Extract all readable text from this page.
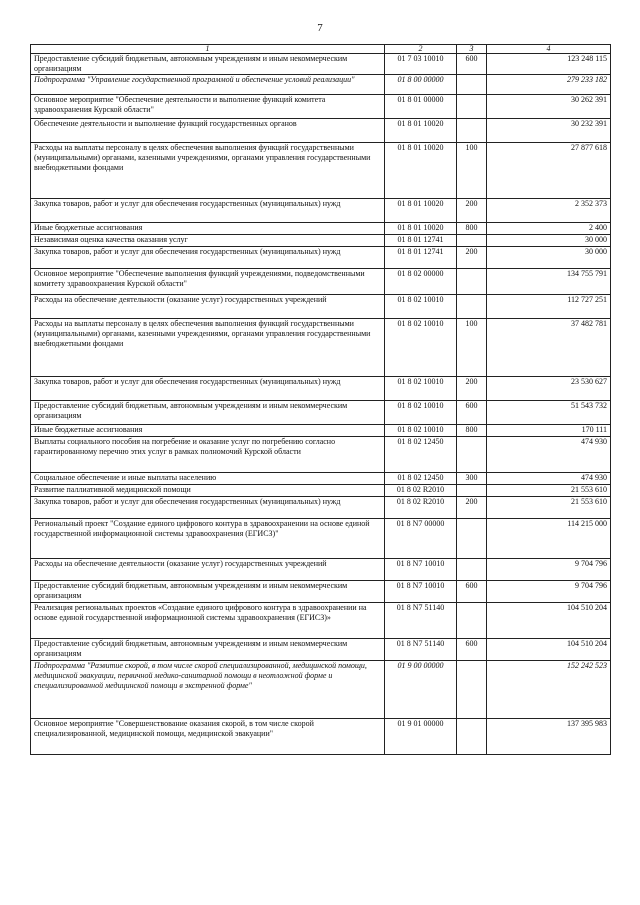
7
1	2	3	4
Предоставление субсидий бюджетным, автономным учреждениям и иным некоммерческим организациям	01 7 03 10010	600	123 248 115
Подпрограмма "Управление государственной программой и обеспечение условий реализации"	01 8 00 00000		279 233 182
Основное мероприятие "Обеспечение деятельности и выполнение функций комитета здравоохранения Курской области"	01 8 01 00000		30 262 391
Обеспечение деятельности и выполнение функций государственных органов	01 8 01 10020		30 232 391
Расходы на выплаты персоналу в целях обеспечения выполнения функций государственными (муниципальными) органами, казенными учреждениями, органами управления государственными внебюджетными фондами	01 8 01 10020	100	27 877 618
Закупка товаров, работ и услуг для обеспечения государственных (муниципальных) нужд	01 8 01 10020	200	2 352 373
Иные бюджетные ассигнования	01 8 01 10020	800	2 400
Независимая оценка качества оказания услуг	01 8 01 12741		30 000
Закупка товаров, работ и услуг для обеспечения государственных (муниципальных) нужд	01 8 01 12741	200	30 000
Основное мероприятие "Обеспечение выполнения функций учреждениями, подведомственными комитету здравоохранения Курской области"	01 8 02 00000		134 755 791
Расходы на обеспечение деятельности (оказание услуг) государственных учреждений	01 8 02 10010		112 727 251
Расходы на выплаты персоналу в целях обеспечения выполнения функций государственными (муниципальными) органами, казенными учреждениями, органами управления государственными внебюджетными фондами	01 8 02 10010	100	37 482 781
Закупка товаров, работ и услуг для обеспечения государственных (муниципальных) нужд	01 8 02 10010	200	23 530 627
Предоставление субсидий бюджетным, автономным учреждениям и иным некоммерческим организациям	01 8 02 10010	600	51 543 732
Иные бюджетные ассигнования	01 8 02 10010	800	170 111
Выплаты социального пособия на погребение и оказание услуг по погребению согласно гарантированному перечню этих услуг в рамках полномочий Курской области	01 8 02 12450		474 930
Социальное обеспечение и иные выплаты населению	01 8 02 12450	300	474 930
Развитие паллиативной медицинской помощи	01 8 02 R2010		21 553 610
Закупка товаров, работ и услуг для обеспечения государственных (муниципальных) нужд	01 8 02 R2010	200	21 553 610
Региональный проект "Создание единого цифрового контура в здравоохранении на основе единой государственной информационной системы здравоохранения (ЕГИСЗ)"	01 8 N7 00000		114 215 000
Расходы на обеспечение деятельности (оказание услуг) государственных учреждений	01 8 N7 10010		9 704 796
Предоставление субсидий бюджетным, автономным учреждениям и иным некоммерческим организациям	01 8 N7 10010	600	9 704 796
Реализация региональных проектов «Создание единого цифрового контура в здравоохранении на основе единой государственной информационной системы здравоохранения (ЕГИСЗ)»	01 8 N7 51140		104 510 204
Предоставление субсидий бюджетным, автономным учреждениям и иным некоммерческим организациям	01 8 N7 51140	600	104 510 204
Подпрограмма "Развитие скорой, в том числе скорой специализированной, медицинской помощи, медицинской эвакуации, первичной медико-санитарной помощи в неотложной форме и специализированной медицинской помощи в экстренной форме"	01 9 00 00000		152 242 523
Основное мероприятие "Совершенствование оказания скорой, в том числе скорой специализированной, медицинской помощи, медицинской эвакуации"	01 9 01 00000		137 395 983
